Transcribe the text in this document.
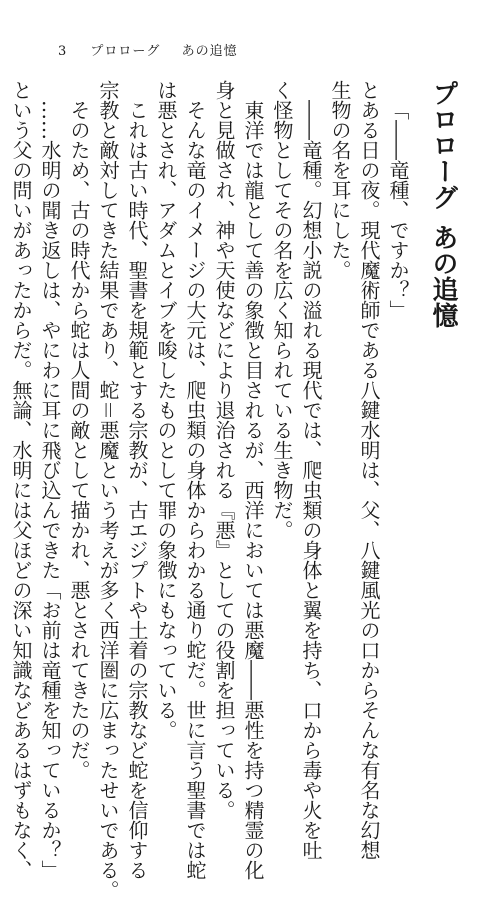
3 プロローグ あの追憶
プロローグあの追憶
「――竜種、ですか？」
とある日の夜。現代魔術師である八鍵水明は、父、八鍵風光の口からそんな有名な幻想
生物の名を耳にした。
――竜種。幻想小説の溢れる現代では、爬虫類の身体と翼を持ち、口から毒や火を吐
く怪物としてその名を広く知られている生き物だ。
東洋では龍として善の象徴と目されるが、西洋においては悪魔――悪性を持つ精霊の化
身と見做され、神や天使などにより退治される『悪』としての役割を担っている。
そんな竜のイメージの大元は、爬虫類の身体からわかる通り蛇だ。世に言う聖書では蛇
は悪とされ、アダムとイブを唆したものとして罪の象徴にもなっている。
これは古い時代、聖書を規範とする宗教が、古エジプトや土着の宗教など蛇を信仰する
宗教と敵対してきた結果であり、蛇＝悪魔という考えが多く西洋圏に広まったせいである。
そのため、古の時代から蛇は人間の敵として描かれ、悪とされてきたのだ。
……水明の聞き返しは、やにわに耳に飛び込んできた「お前は竜種を知っているか？」
という父の問いがあったからだ。無論、水明には父ほどの深い知識などあるはずもなく、
